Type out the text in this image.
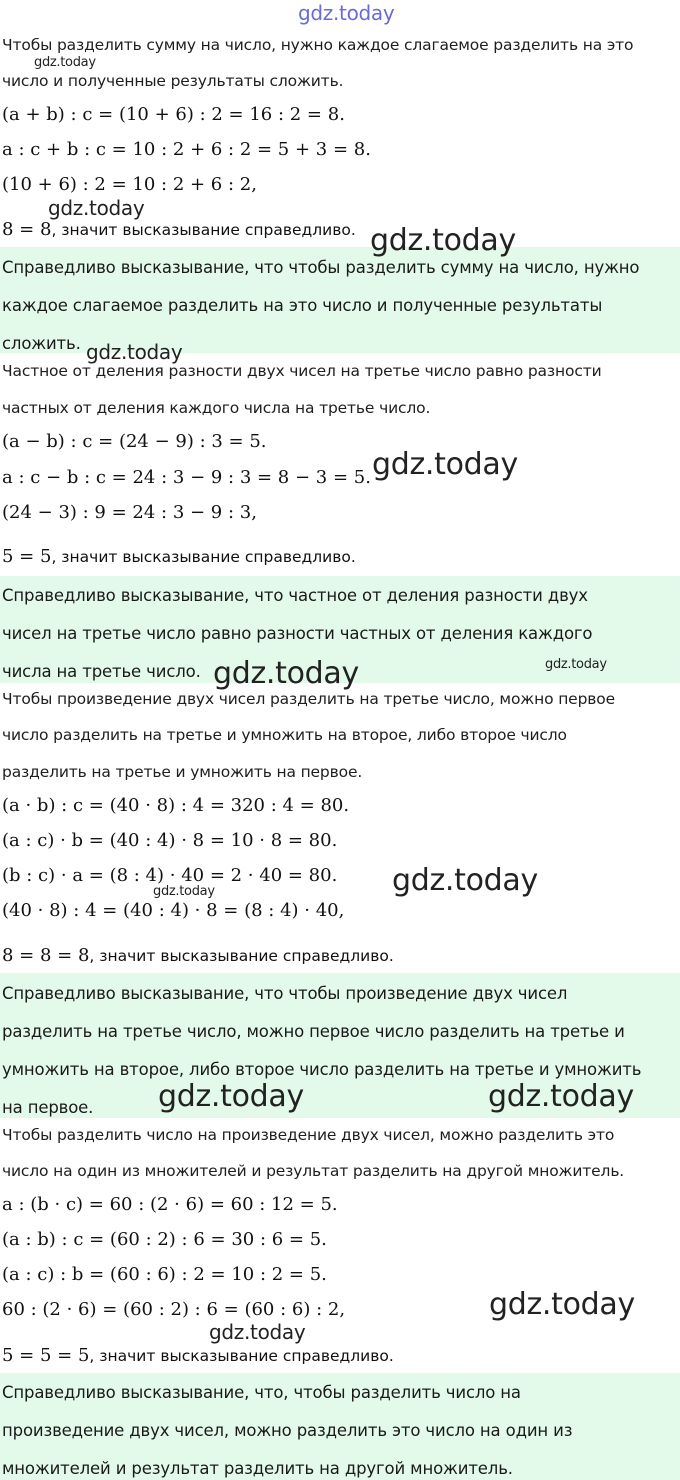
gdz.today
gdz.today
gdz.today
gdz.today
gdz.today
gdz.today
gdz.today	gdz.today
gdz.today	gdz.today
gdz.today	gdz.today
gdz.today
gdz.today
Чтобы разделить сумму на число, нужно каждое слагаемое разделить на это
число и полученные результаты сложить.
(a + b) : c = (10 + 6) : 2 = 16 : 2 = 8.
a : c + b : c = 10 : 2 + 6 : 2 = 5 + 3 = 8.
(10 + 6) : 2 = 10 : 2 + 6 : 2,
8 = 8, значит высказывание справедливо.
Справедливо высказывание, что чтобы разделить сумму на число, нужно
каждое слагаемое разделить на это число и полученные результаты
сложить.
Частное от деления разности двух чисел на третье число равно разности
частных от деления каждого числа на третье число.
(a − b) : c = (24 − 9) : 3 = 5.
a : c − b : c = 24 : 3 − 9 : 3 = 8 − 3 = 5.
(24 − 3) : 9 = 24 : 3 − 9 : 3,
5 = 5, значит высказывание справедливо.
Справедливо высказывание, что частное от деления разности двух
чисел на третье число равно разности частных от деления каждого
числа на третье число.
Чтобы произведение двух чисел разделить на третье число, можно первое
число разделить на третье и умножить на второе, либо второе число
разделить на третье и умножить на первое.
(a · b) : c = (40 · 8) : 4 = 320 : 4 = 80.
(a : c) · b = (40 : 4) · 8 = 10 · 8 = 80.
(b : c) · a = (8 : 4) · 40 = 2 · 40 = 80.
(40 · 8) : 4 = (40 : 4) · 8 = (8 : 4) · 40,
8 = 8 = 8, значит высказывание справедливо.
Справедливо высказывание, что чтобы произведение двух чисел
разделить на третье число, можно первое число разделить на третье и
умножить на второе, либо второе число разделить на третье и умножить
на первое.
Чтобы разделить число на произведение двух чисел, можно разделить это
число на один из множителей и результат разделить на другой множитель.
a : (b · c) = 60 : (2 · 6) = 60 : 12 = 5.
(a : b) : c = (60 : 2) : 6 = 30 : 6 = 5.
(a : c) : b = (60 : 6) : 2 = 10 : 2 = 5.
60 : (2 · 6) = (60 : 2) : 6 = (60 : 6) : 2,
5 = 5 = 5, значит высказывание справедливо.
Справедливо высказывание, что, чтобы разделить число на
произведение двух чисел, можно разделить это число на один из
множителей и результат разделить на другой множитель.
